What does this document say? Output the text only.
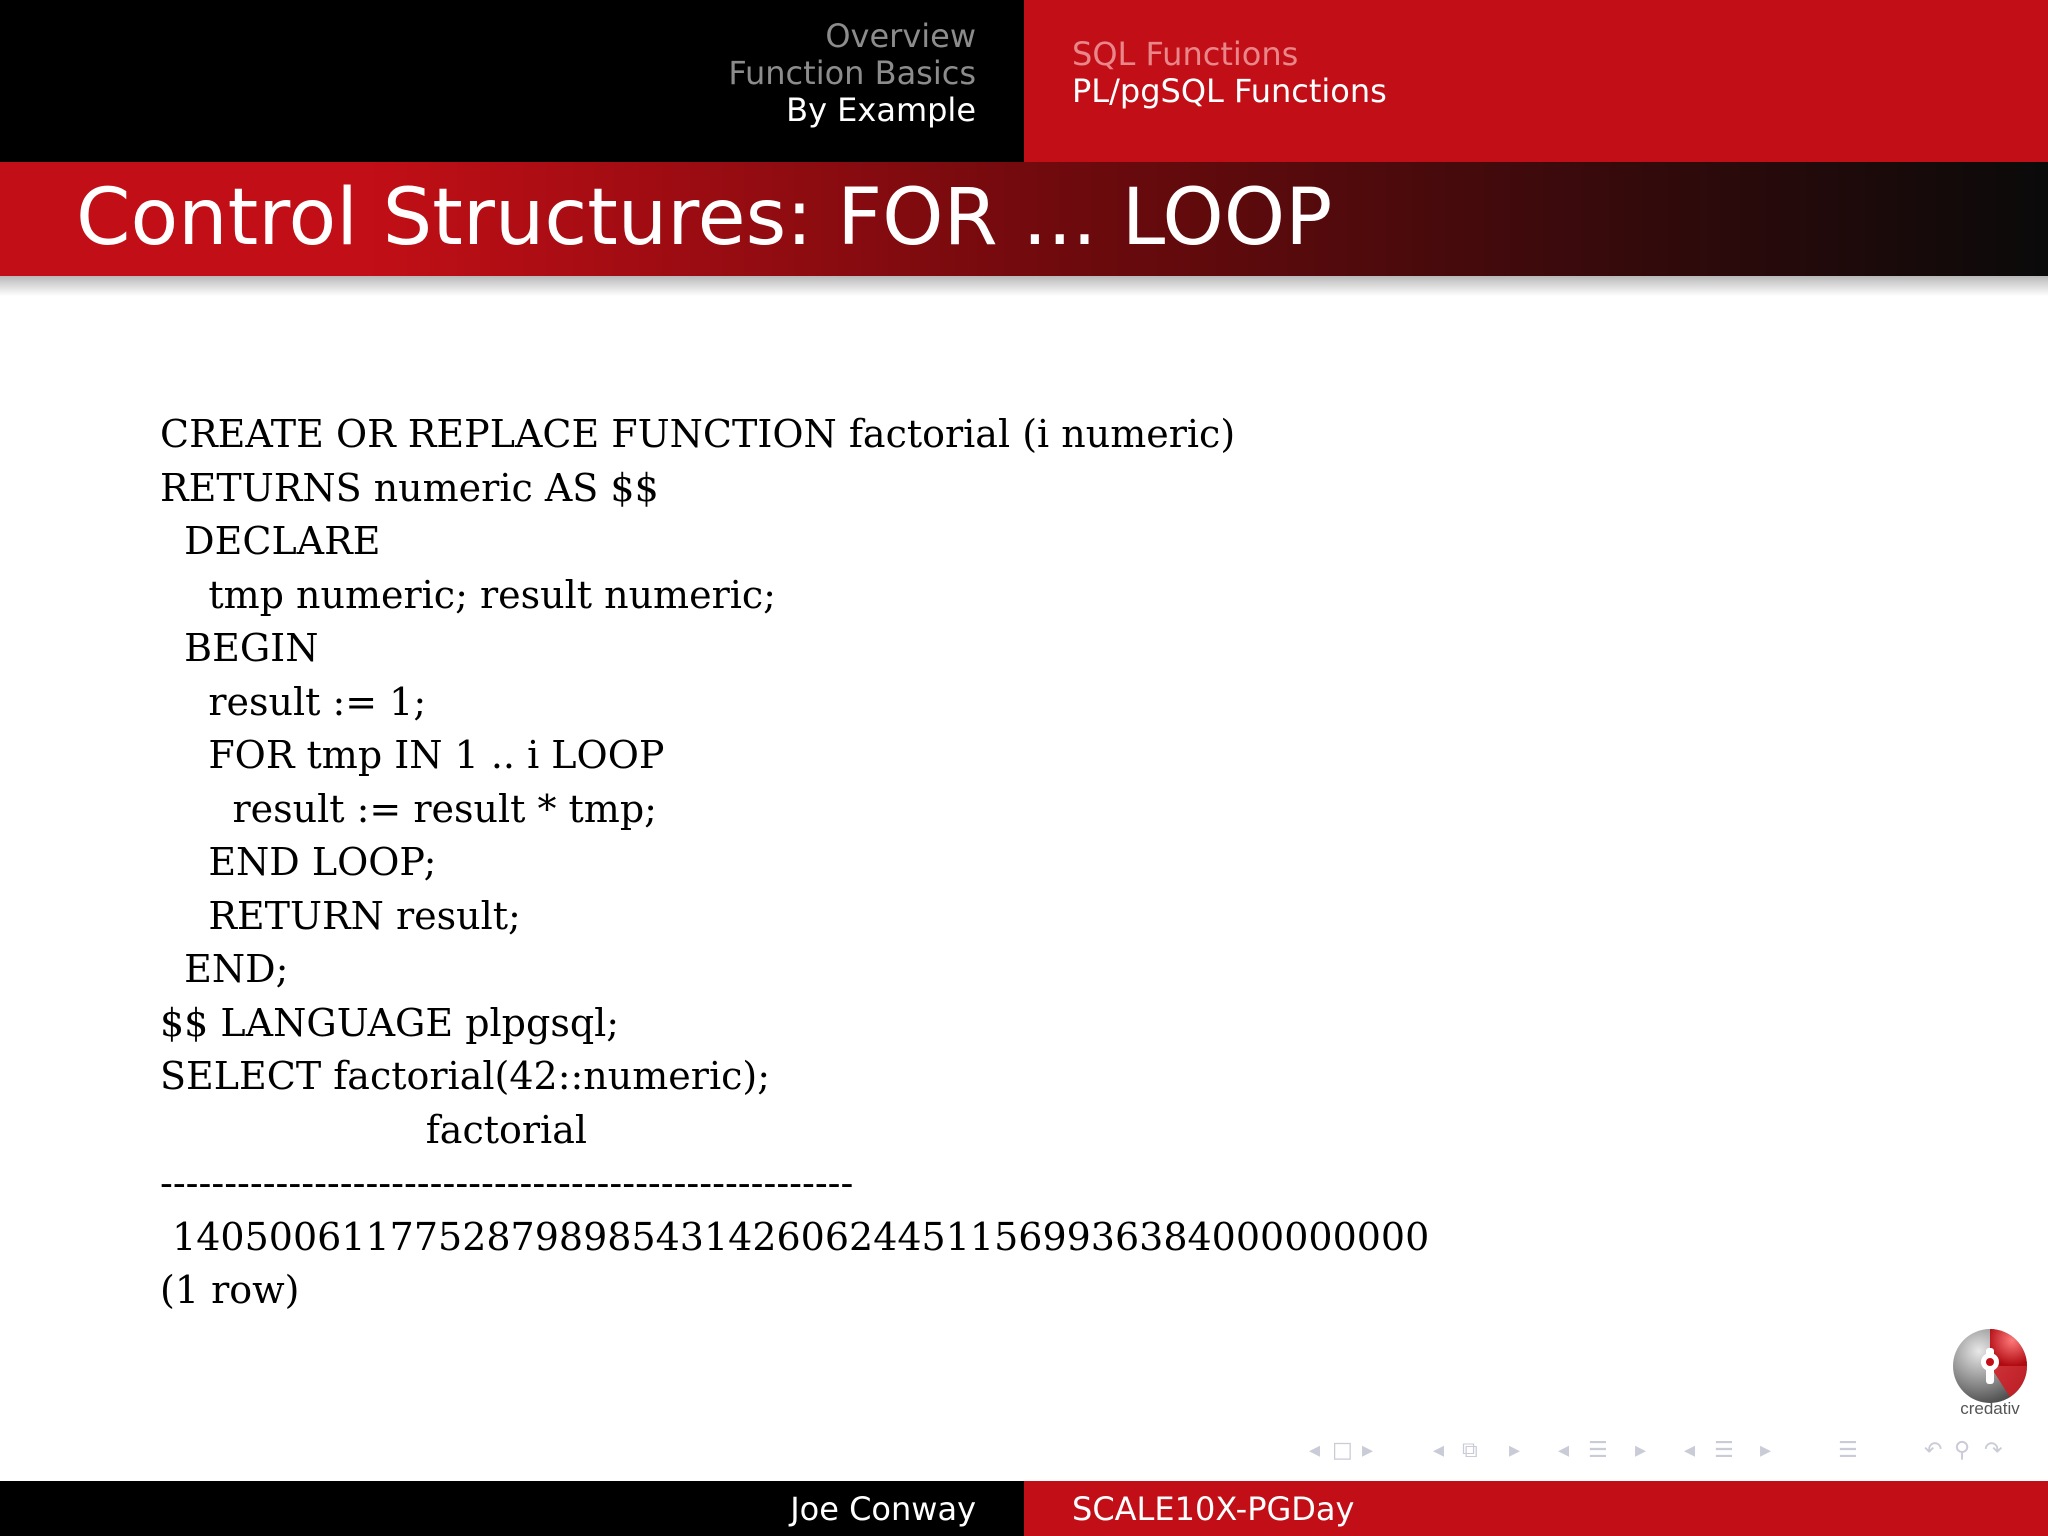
Overview
Function Basics
By Example
SQL Functions
PL/pgSQL Functions
Control Structures: FOR ... LOOP
CREATE OR REPLACE FUNCTION factorial (i numeric)
RETURNS numeric AS $$
DECLARE
tmp numeric; result numeric;
BEGIN
result := 1;
FOR tmp IN 1 .. i LOOP
result := result * tmp;
END LOOP;
RETURN result;
END;
$$ LANGUAGE plpgsql;
SELECT factorial(42::numeric);
factorial
------------------------------------------------------
1405006117752879898543142606244511569936384000000000
(1 row)
credativ
◂ □ ▸	◂ ⧉ ▸ ◂ ☰ ▸ ◂ ☰ ▸	☰	↶ ⚲ ↷
Joe Conway	SCALE10X-PGDay
